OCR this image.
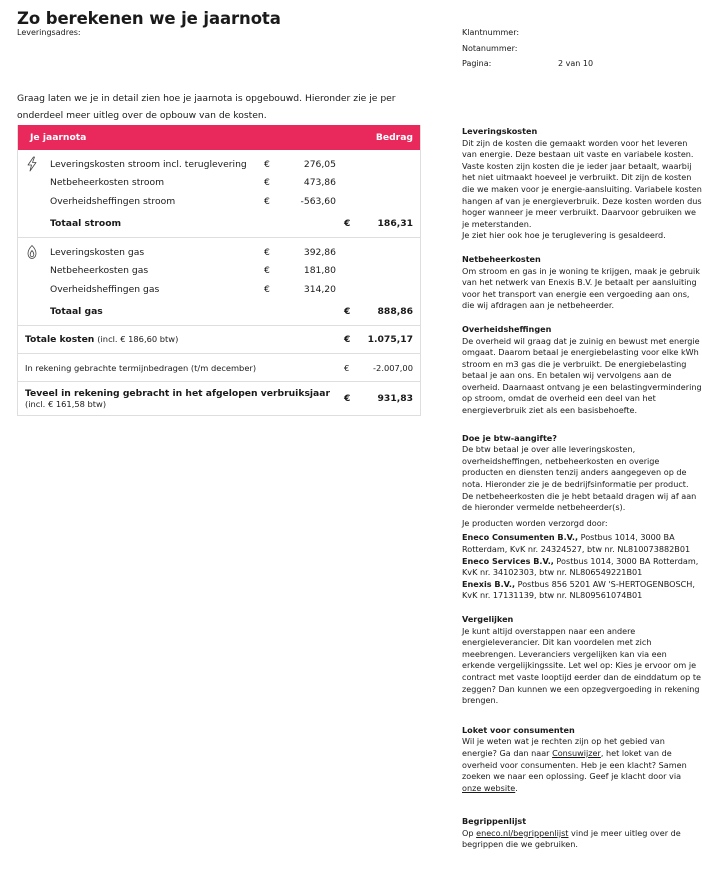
Zo berekenen we je jaarnota
Leveringsadres:	Klantnummer:
Notanummer:
Pagina:	2 van 10
Graag laten we je in detail zien hoe je jaarnota is opgebouwd. Hieronder zie je per onderdeel meer uitleg over de opbouw van de kosten.
Je jaarnota	Bedrag
Leveringskosten stroom incl. teruglevering €	276,05
Netbeheerkosten stroom	€	473,86
Overheidsheffingen stroom	€	-563,60
Totaal stroom	€	186,31
Leveringskosten gas	€	392,86
Netbeheerkosten gas	€	181,80
Overheidsheffingen gas	€	314,20
Totaal gas	€	888,86
Totale kosten (incl. € 186,60 btw)	€ 1.075,17
In rekening gebrachte termijnbedragen (t/m december)	€	-2.007,00
Teveel in rekening gebracht in het afgelopen verbruiksjaar
(incl. € 161,58 btw)	€	931,83
Leveringskosten

Dit zijn de kosten die gemaakt worden voor het leveren van energie. Deze bestaan uit vaste en variabele kosten. Vaste kosten zijn kosten die je ieder jaar betaalt, waarbij het niet uitmaakt hoeveel je verbruikt. Dit zijn de kosten die we maken voor je energie-aansluiting. Variabele kosten hangen af van je energieverbruik. Deze kosten worden dus hoger wanneer je meer verbruikt. Daarvoor gebruiken we je meterstanden.

Je ziet hier ook hoe je teruglevering is gesaldeerd.

Netbeheerkosten

Om stroom en gas in je woning te krijgen, maak je gebruik van het netwerk van Enexis B.V. Je betaalt per aansluiting voor het transport van energie een vergoeding aan ons, die wij afdragen aan je netbeheerder.

Overheidsheffingen

De overheid wil graag dat je zuinig en bewust met energie omgaat. Daarom betaal je energiebelasting voor elke kWh stroom en m3 gas die je verbruikt. De energiebelasting betaal je aan ons. En betalen wij vervolgens aan de overheid. Daarnaast ontvang je een belastingvermindering op stroom, omdat de overheid een deel van het energieverbruik ziet als een basisbehoefte.

Doe je btw-aangifte?

De btw betaal je over alle leveringskosten, overheidsheffingen, netbeheerkosten en overige producten en diensten tenzij anders aangegeven op de nota. Hieronder zie je de bedrijfsinformatie per product. De netbeheerkosten die je hebt betaald dragen wij af aan de hieronder vermelde netbeheerder(s).

Je producten worden verzorgd door:

Eneco Consumenten B.V., Postbus 1014, 3000 BA Rotterdam, KvK nr. 24324527, btw nr. NL810073882B01

Eneco Services B.V., Postbus 1014, 3000 BA Rotterdam, KvK nr. 34102303, btw nr. NL806549221B01

Enexis B.V., Postbus 856 5201 AW 'S-HERTOGENBOSCH, KvK nr. 17131139, btw nr. NL809561074B01

Vergelijken

Je kunt altijd overstappen naar een andere energieleverancier. Dit kan voordelen met zich meebrengen. Leveranciers vergelijken kan via een erkende vergelijkingssite. Let wel op: Kies je ervoor om je contract met vaste looptijd eerder dan de einddatum op te zeggen? Dan kunnen we een opzegvergoeding in rekening brengen.

Loket voor consumenten

Wil je weten wat je rechten zijn op het gebied van energie? Ga dan naar Consuwijzer, het loket van de overheid voor consumenten. Heb je een klacht? Samen zoeken we naar een oplossing. Geef je klacht door via onze website.

Begrippenlijst

Op eneco.nl/begrippenlijst vind je meer uitleg over de begrippen die we gebruiken.
